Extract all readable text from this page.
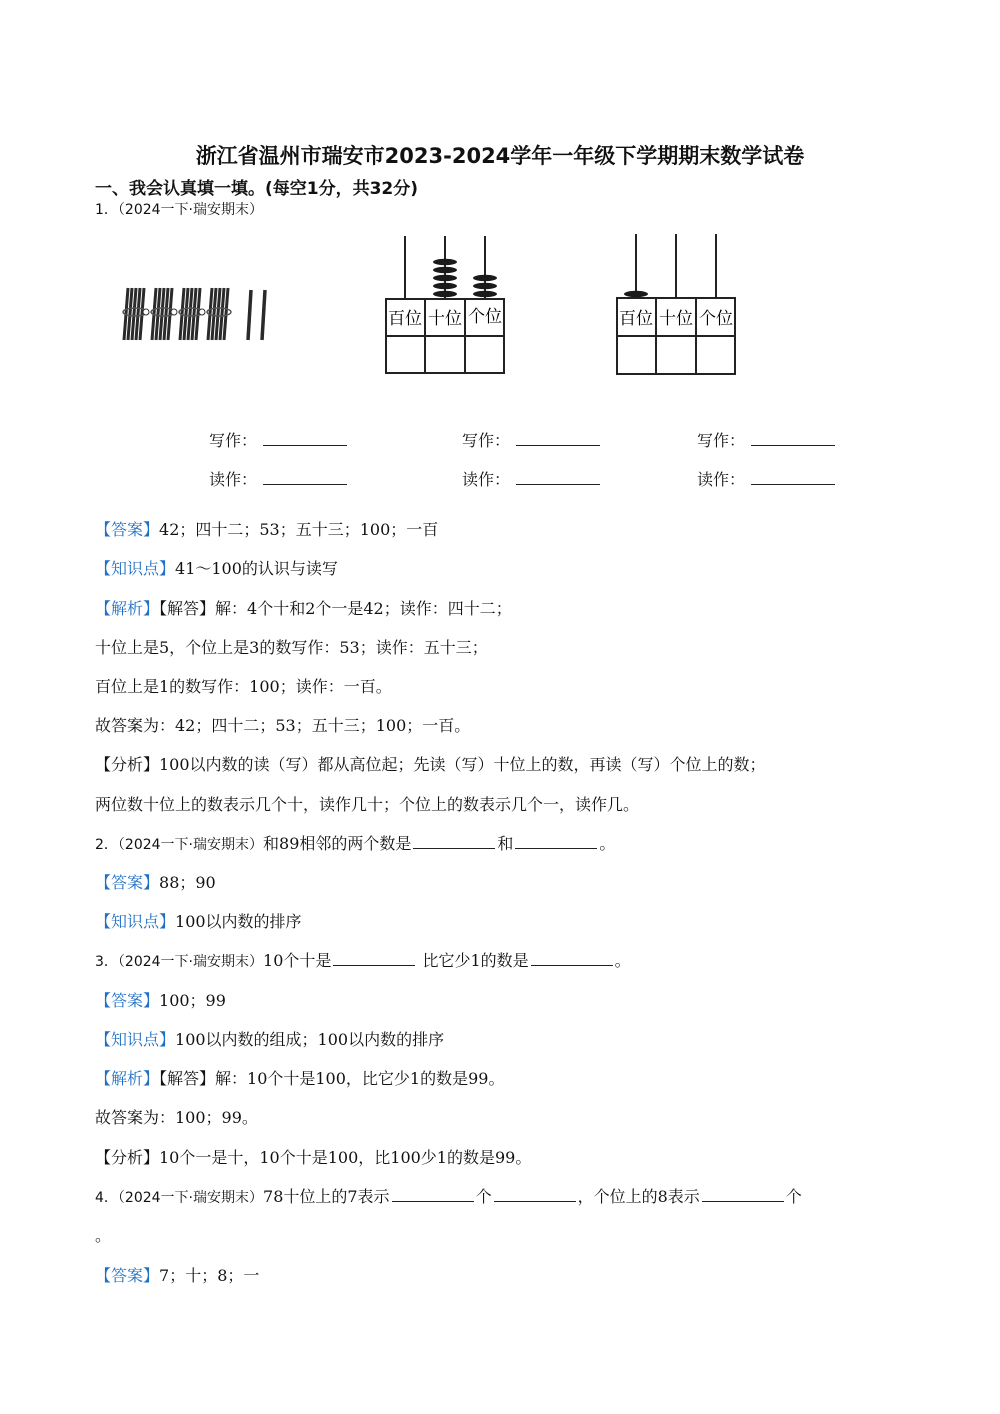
浙江省温州市瑞安市2023-2024学年一年级下学期期末数学试卷
一、我会认真填一填。(每空1分，共32分)
1．（2024一下·瑞安期末）
百位 十位 个位	百位 十位 个位
写作：	写作：	写作：
读作：	读作：	读作：
【答案】42；四十二；53；五十三；100；一百
【知识点】41～100的认识与读写
【解析】【解答】解：4个十和2个一是42；读作：四十二；
十位上是5，个位上是3的数写作：53；读作：五十三；
百位上是1的数写作：100；读作：一百。
故答案为：42；四十二；53；五十三；100；一百。
【分析】100以内数的读（写）都从高位起；先读（写）十位上的数，再读（写）个位上的数；
两位数十位上的数表示几个十，读作几十；个位上的数表示几个一，读作几。
2．（2024一下·瑞安期末）和89相邻的两个数是	和	。
【答案】88；90
【知识点】100以内数的排序
3．（2024一下·瑞安期末）10个十是	比它少1的数是	。
【答案】100；99
【知识点】100以内数的组成；100以内数的排序
【解析】【解答】解：10个十是100，比它少1的数是99。
故答案为：100；99。
【分析】10个一是十，10个十是100，比100少1的数是99。
4．（2024一下·瑞安期末）78十位上的7表示	个	，个位上的8表示	个
。
【答案】7；十；8；一
